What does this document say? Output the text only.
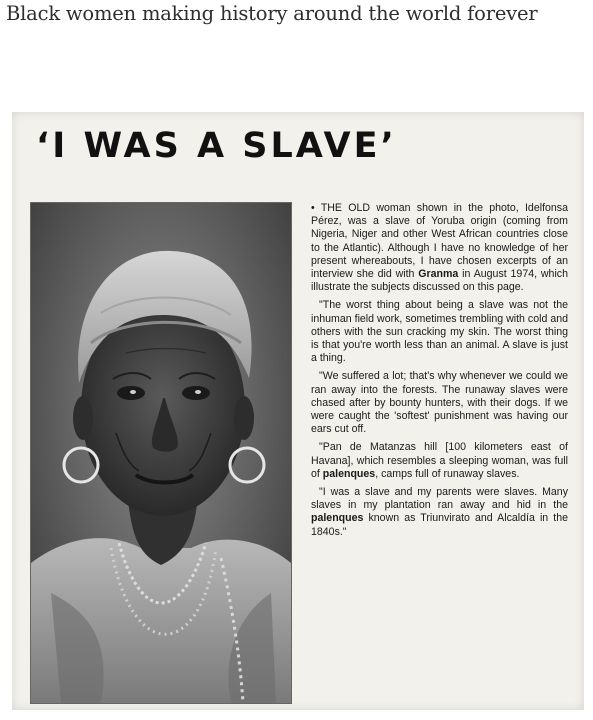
Black women making history around the world forever
‘I WAS A SLAVE’

• THE OLD woman shown in the photo, Idelfonsa Pérez, was a slave of Yoruba origin (coming from Nigeria, Niger and other West African countries close to the Atlantic). Although I have no knowledge of her present whereabouts, I have chosen excerpts of an interview she did with Granma in August 1974, which illustrate the subjects discussed on this page.

"The worst thing about being a slave was not the inhuman field work, sometimes trembling with cold and others with the sun cracking my skin. The worst thing is that you're worth less than an animal. A slave is just a thing.

"We suffered a lot; that's why whenever we could we ran away into the forests. The runaway slaves were chased after by bounty hunters, with their dogs. If we were caught the 'softest' punishment was having our ears cut off.

"Pan de Matanzas hill [100 kilometers east of Havana], which resembles a sleeping woman, was full of palenques, camps full of runaway slaves.

"I was a slave and my parents were slaves. Many slaves in my plantation ran away and hid in the palenques known as Triunvirato and Alcaldía in the 1840s."
